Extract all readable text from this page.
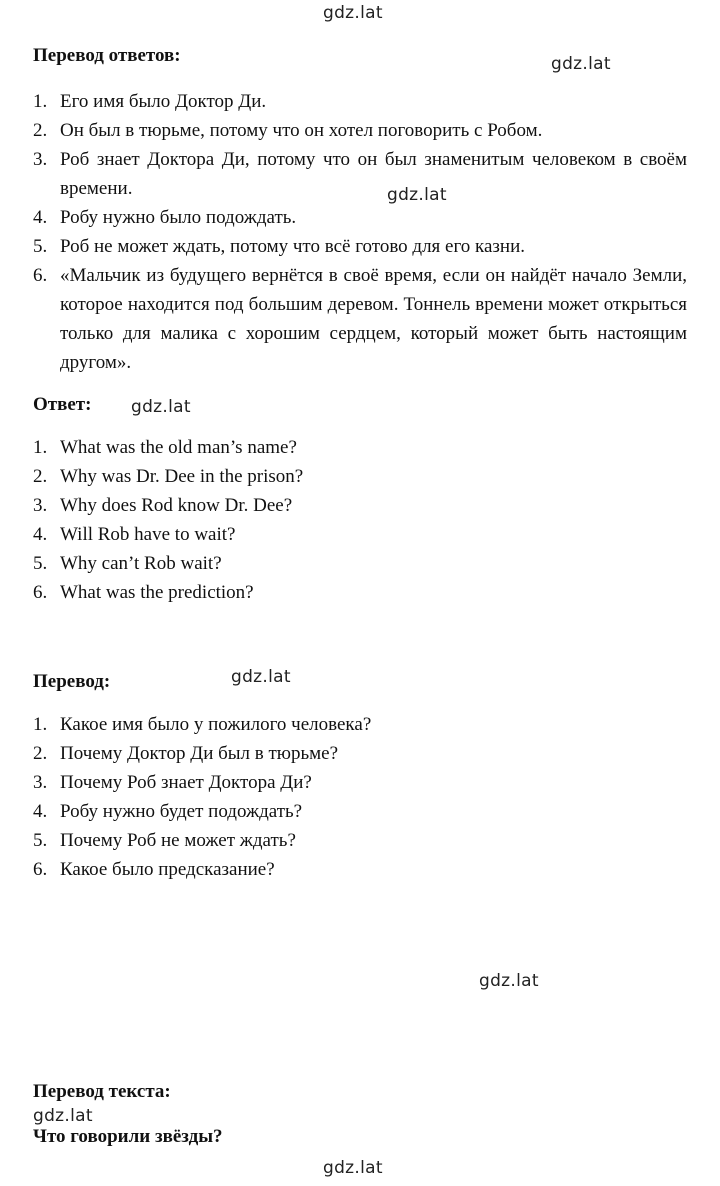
gdz.lat
gdz.lat
gdz.lat
gdz.lat
gdz.lat
gdz.lat
gdz.lat
gdz.lat
Перевод ответов:
1. Его имя было Доктор Ди.
2. Он был в тюрьме, потому что он хотел поговорить с Робом.
3. Роб знает Доктора Ди, потому что он был знаменитым человеком в своём времени.
4. Робу нужно было подождать.
5. Роб не может ждать, потому что всё готово для его казни.
6. «Мальчик из будущего вернётся в своё время, если он найдёт начало Земли, которое находится под большим деревом. Тоннель времени может открыться только для малика с хорошим сердцем, который может быть настоящим другом».
Ответ:
1. What was the old man’s name?
2. Why was Dr. Dee in the prison?
3. Why does Rod know Dr. Dee?
4. Will Rob have to wait?
5. Why can’t Rob wait?
6. What was the prediction?
Перевод:
1. Какое имя было у пожилого человека?
2. Почему Доктор Ди был в тюрьме?
3. Почему Роб знает Доктора Ди?
4. Робу нужно будет подождать?
5. Почему Роб не может ждать?
6. Какое было предсказание?
Перевод текста:
Что говорили звёзды?
